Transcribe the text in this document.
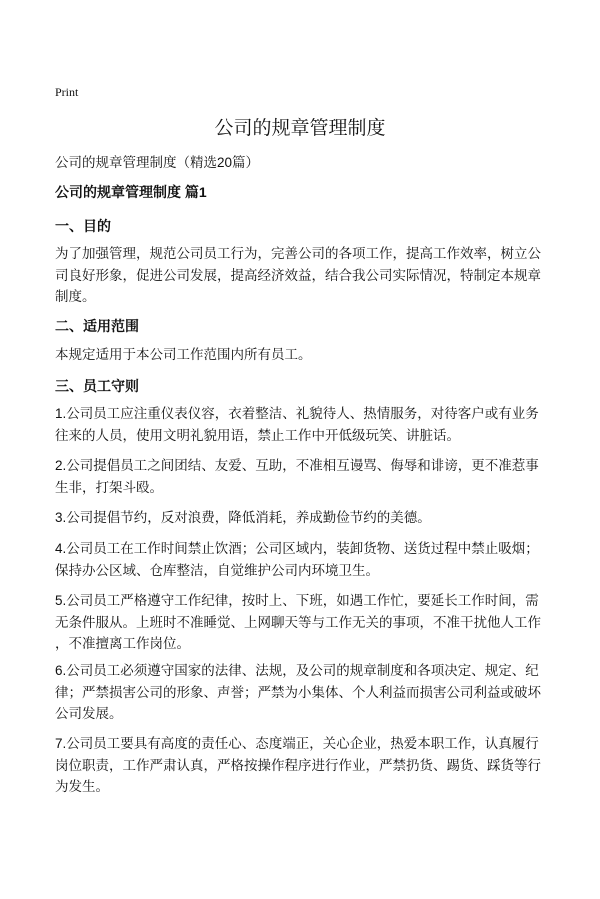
Print
公司的规章管理制度
公司的规章管理制度（精选20篇）
公司的规章管理制度 篇1
一、目的
为了加强管理，规范公司员工行为，完善公司的各项工作，提高工作效率，树立公
司良好形象，促进公司发展，提高经济效益，结合我公司实际情况，特制定本规章
制度。
二、适用范围
本规定适用于本公司工作范围内所有员工。
三、员工守则
1.公司员工应注重仪表仪容，衣着整洁、礼貌待人、热情服务，对待客户或有业务
往来的人员，使用文明礼貌用语，禁止工作中开低级玩笑、讲脏话。
2.公司提倡员工之间团结、友爱、互助，不准相互谩骂、侮辱和诽谤，更不准惹事
生非，打架斗殴。
3.公司提倡节约，反对浪费，降低消耗，养成勤俭节约的美德。
4.公司员工在工作时间禁止饮酒；公司区域内，装卸货物、送货过程中禁止吸烟；
保持办公区域、仓库整洁，自觉维护公司内环境卫生。
5.公司员工严格遵守工作纪律，按时上、下班，如遇工作忙，要延长工作时间，需
无条件服从。上班时不准睡觉、上网聊天等与工作无关的事项，不准干扰他人工作
，不准擅离工作岗位。
6.公司员工必须遵守国家的法律、法规，及公司的规章制度和各项决定、规定、纪
律；严禁损害公司的形象、声誉；严禁为小集体、个人利益而损害公司利益或破坏
公司发展。
7.公司员工要具有高度的责任心、态度端正，关心企业，热爱本职工作，认真履行
岗位职责，工作严肃认真，严格按操作程序进行作业，严禁扔货、踢货、踩货等行
为发生。
